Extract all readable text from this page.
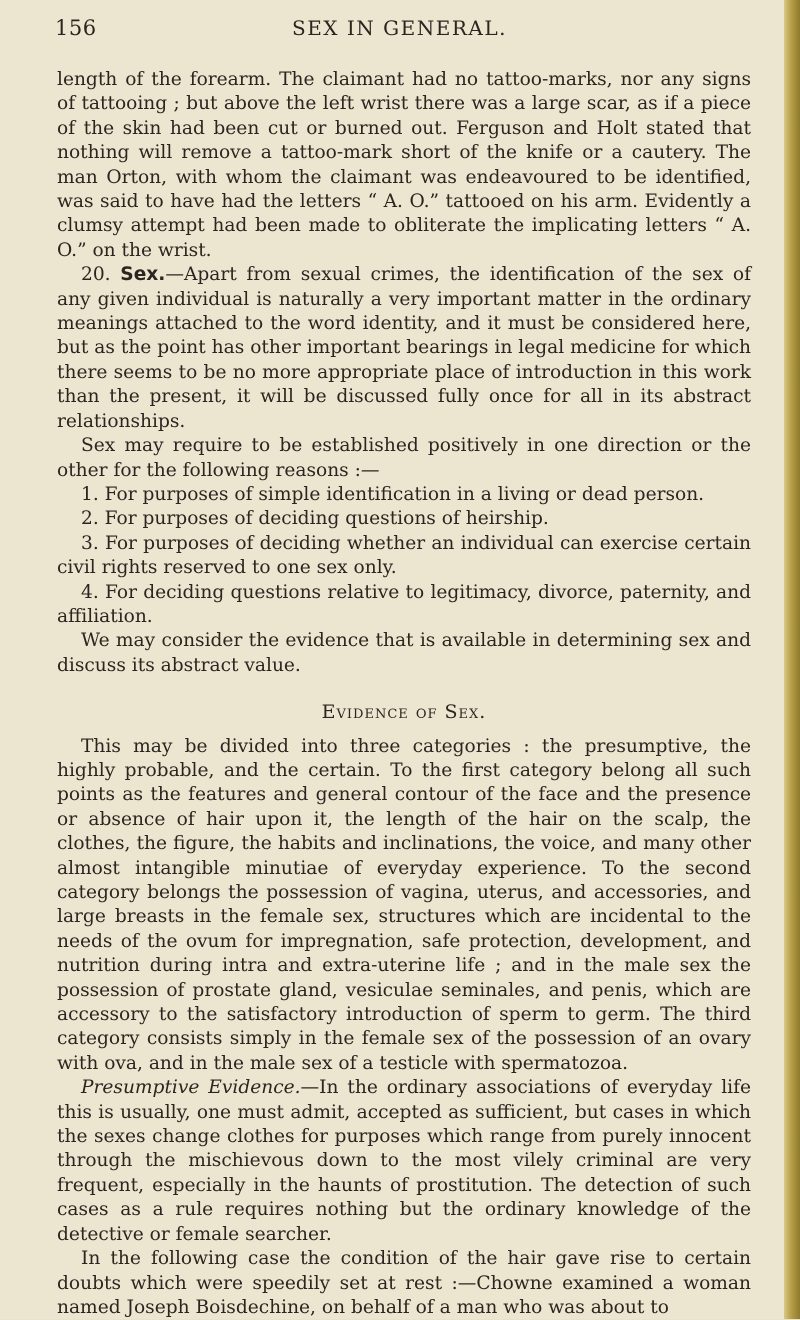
156	SEX IN GENERAL.

length of the forearm. The claimant had no tattoo-marks, nor any signs of tattooing ; but above the left wrist there was a large scar, as if a piece of the skin had been cut or burned out. Ferguson and Holt stated that nothing will remove a tattoo-mark short of the knife or a cautery. The man Orton, with whom the claimant was endeavoured to be identified, was said to have had the letters “ A. O.” tattooed on his arm. Evidently a clumsy attempt had been made to obliterate the implicating letters “ A. O.” on the wrist.

20. Sex.—Apart from sexual crimes, the identification of the sex of any given individual is naturally a very important matter in the ordinary meanings attached to the word identity, and it must be considered here, but as the point has other important bearings in legal medicine for which there seems to be no more appropriate place of introduction in this work than the present, it will be discussed fully once for all in its abstract relationships.

Sex may require to be established positively in one direction or the other for the following reasons :—

1. For purposes of simple identification in a living or dead person.

2. For purposes of deciding questions of heirship.

3. For purposes of deciding whether an individual can exercise certain civil rights reserved to one sex only.

4. For deciding questions relative to legitimacy, divorce, paternity, and affiliation.

We may consider the evidence that is available in determining sex and discuss its abstract value.

Evidence of Sex.

This may be divided into three categories : the presumptive, the highly probable, and the certain. To the first category belong all such points as the features and general contour of the face and the presence or absence of hair upon it, the length of the hair on the scalp, the clothes, the figure, the habits and inclinations, the voice, and many other almost intangible minutiae of everyday experience. To the second category belongs the possession of vagina, uterus, and accessories, and large breasts in the female sex, structures which are incidental to the needs of the ovum for impregnation, safe protection, development, and nutrition during intra and extra-uterine life ; and in the male sex the possession of prostate gland, vesiculae seminales, and penis, which are accessory to the satisfactory introduction of sperm to germ. The third category consists simply in the female sex of the possession of an ovary with ova, and in the male sex of a testicle with spermatozoa.

Presumptive Evidence.—In the ordinary associations of everyday life this is usually, one must admit, accepted as sufficient, but cases in which the sexes change clothes for purposes which range from purely innocent through the mischievous down to the most vilely criminal are very frequent, especially in the haunts of prostitution. The detection of such cases as a rule requires nothing but the ordinary knowledge of the detective or female searcher.

In the following case the condition of the hair gave rise to certain doubts which were speedily set at rest :—Chowne examined a woman named Joseph Boisdechine, on behalf of a man who was about to
